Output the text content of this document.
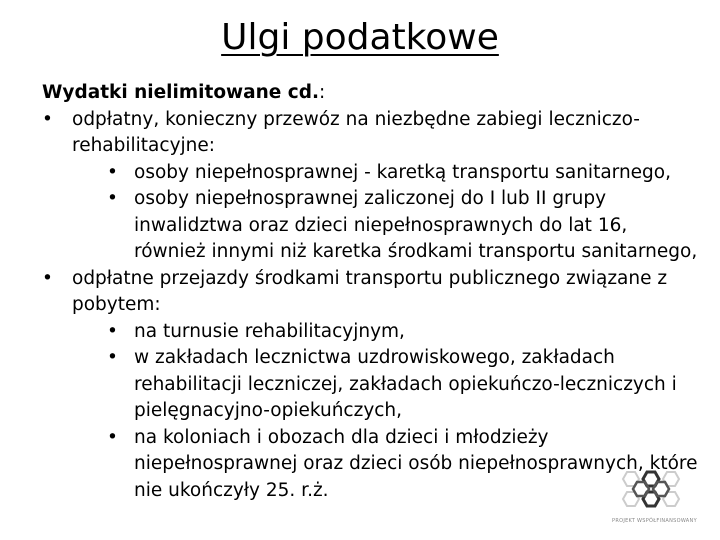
Ulgi podatkowe
Wydatki nielimitowane cd.:
• odpłatny, konieczny przewóz na niezbędne zabiegi leczniczo-rehabilitacyjne:
• osoby niepełnosprawnej - karetką transportu sanitarnego,
• osoby niepełnosprawnej zaliczonej do I lub II grupy inwalidztwa oraz dzieci niepełnosprawnych do lat 16, również innymi niż karetka środkami transportu sanitarnego,
• odpłatne przejazdy środkami transportu publicznego związane z pobytem:
• na turnusie rehabilitacyjnym,
• w zakładach lecznictwa uzdrowiskowego, zakładach rehabilitacji leczniczej, zakładach opiekuńczo-leczniczych i pielęgnacyjno-opiekuńczych,
• na koloniach i obozach dla dzieci i młodzieży niepełnosprawnej oraz dzieci osób niepełnosprawnych, które nie ukończyły 25. r.ż.
PROJEKT WSPÓŁFINANSOWANY
